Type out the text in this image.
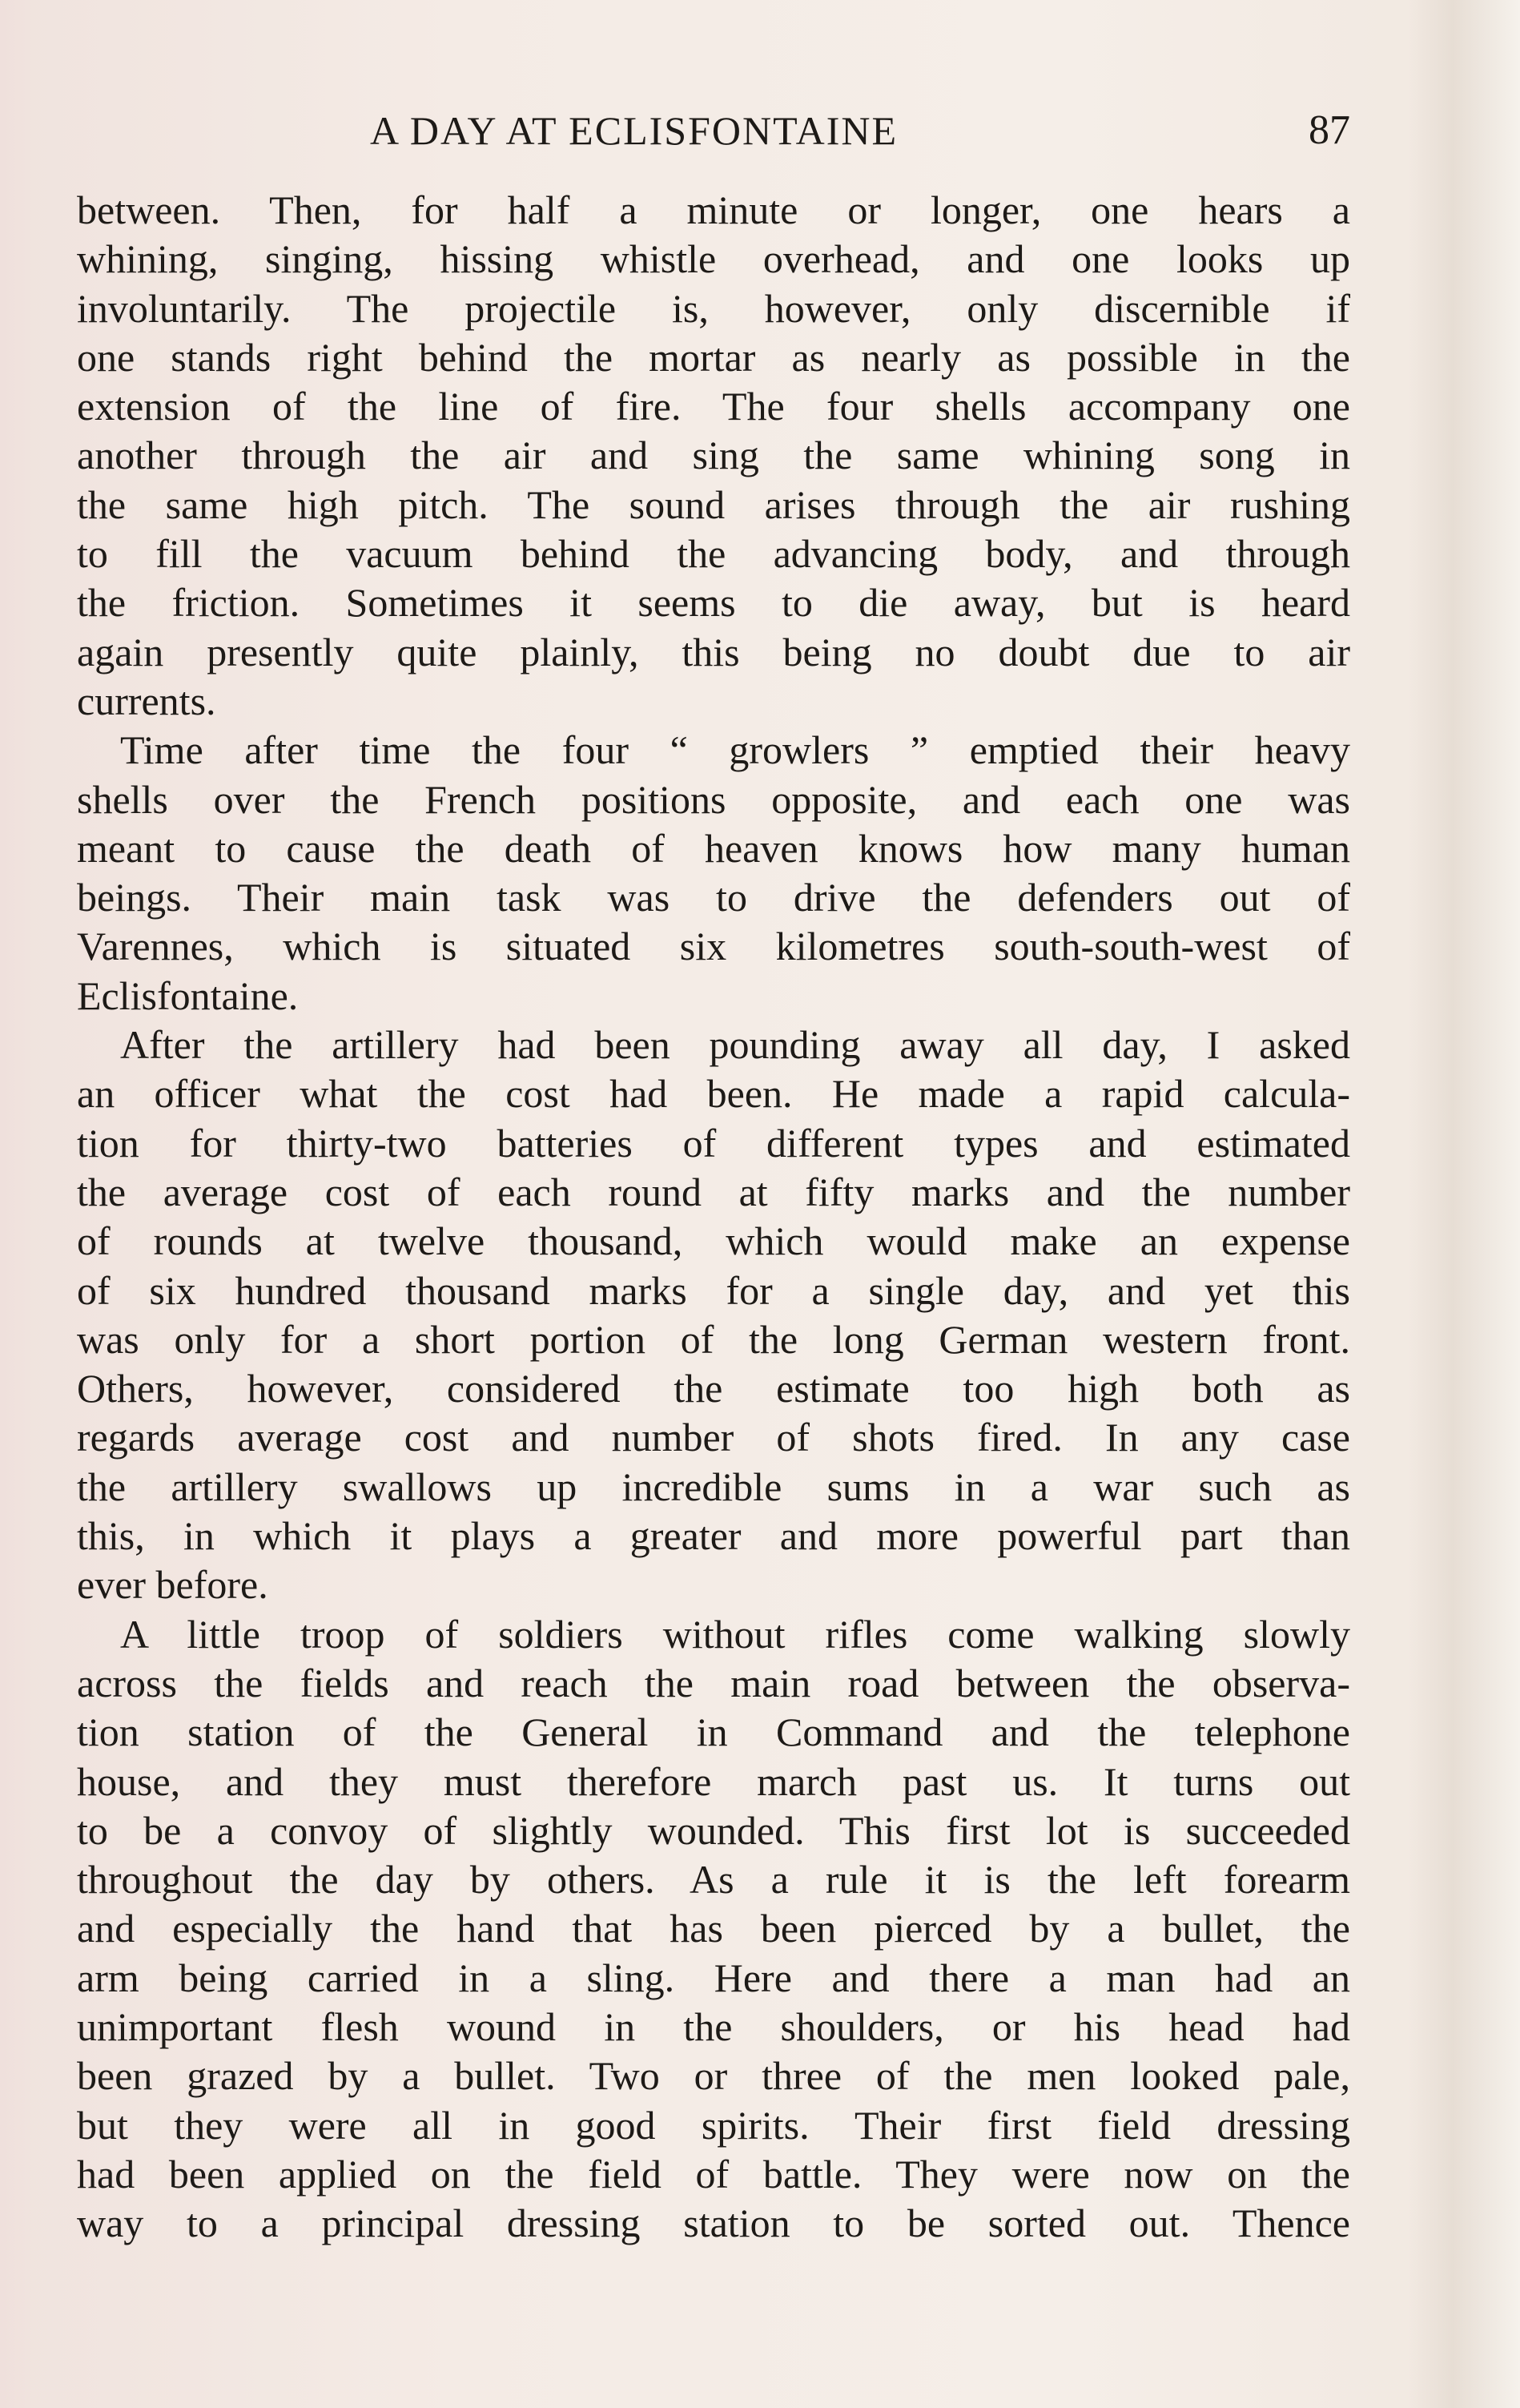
A DAY AT ECLISFONTAINE	87
between. Then, for half a minute or longer, one hears a
whining, singing, hissing whistle overhead, and one looks up
involuntarily. The projectile is, however, only discernible if
one stands right behind the mortar as nearly as possible in the
extension of the line of fire. The four shells accompany one
another through the air and sing the same whining song in
the same high pitch. The sound arises through the air rushing
to fill the vacuum behind the advancing body, and through
the friction. Sometimes it seems to die away, but is heard
again presently quite plainly, this being no doubt due to air
currents.
Time after time the four “ growlers ” emptied their heavy
shells over the French positions opposite, and each one was
meant to cause the death of heaven knows how many human
beings. Their main task was to drive the defenders out of
Varennes, which is situated six kilometres south-south-west of
Eclisfontaine.
After the artillery had been pounding away all day, I asked
an officer what the cost had been. He made a rapid calcula-
tion for thirty-two batteries of different types and estimated
the average cost of each round at fifty marks and the number
of rounds at twelve thousand, which would make an expense
of six hundred thousand marks for a single day, and yet this
was only for a short portion of the long German western front.
Others, however, considered the estimate too high both as
regards average cost and number of shots fired. In any case
the artillery swallows up incredible sums in a war such as
this, in which it plays a greater and more powerful part than
ever before.
A little troop of soldiers without rifles come walking slowly
across the fields and reach the main road between the observa-
tion station of the General in Command and the telephone
house, and they must therefore march past us. It turns out
to be a convoy of slightly wounded. This first lot is succeeded
throughout the day by others. As a rule it is the left forearm
and especially the hand that has been pierced by a bullet, the
arm being carried in a sling. Here and there a man had an
unimportant flesh wound in the shoulders, or his head had
been grazed by a bullet. Two or three of the men looked pale,
but they were all in good spirits. Their first field dressing
had been applied on the field of battle. They were now on the
way to a principal dressing station to be sorted out. Thence
